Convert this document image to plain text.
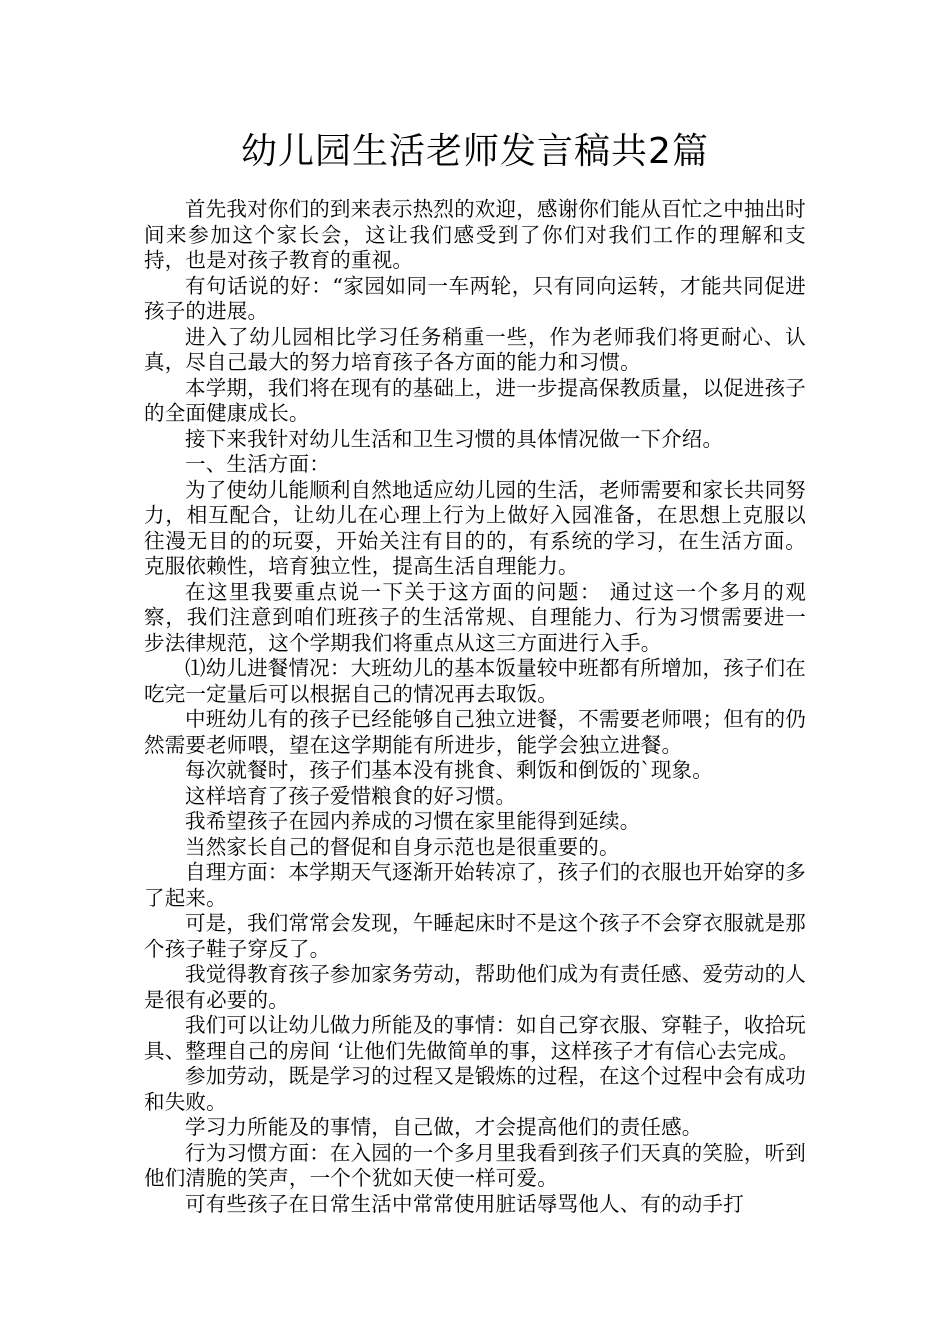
幼儿园生活老师发言稿共2篇

首先我对你们的到来表示热烈的欢迎，感谢你们能从百忙之中抽出时间来参加这个家长会，这让我们感受到了你们对我们工作的理解和支持，也是对孩子教育的重视。

有句话说的好：“家园如同一车两轮，只有同向运转，才能共同促进孩子的进展。

进入了幼儿园相比学习任务稍重一些，作为老师我们将更耐心、认真，尽自己最大的努力培育孩子各方面的能力和习惯。

本学期，我们将在现有的基础上，进一步提高保教质量，以促进孩子的全面健康成长。

接下来我针对幼儿生活和卫生习惯的具体情况做一下介绍。

一、生活方面：

为了使幼儿能顺利自然地适应幼儿园的生活，老师需要和家长共同努力，相互配合，让幼儿在心理上行为上做好入园准备，在思想上克服以往漫无目的的玩耍，开始关注有目的的，有系统的学习，在生活方面。克服依赖性，培育独立性，提高生活自理能力。

在这里我要重点说一下关于这方面的问题： 通过这一个多月的观察，我们注意到咱们班孩子的生活常规、自理能力、行为习惯需要进一步法律规范，这个学期我们将重点从这三方面进行入手。

⑴幼儿进餐情况：大班幼儿的基本饭量较中班都有所增加，孩子们在吃完一定量后可以根据自己的情况再去取饭。

中班幼儿有的孩子已经能够自己独立进餐，不需要老师喂；但有的仍然需要老师喂，望在这学期能有所进步，能学会独立进餐。

每次就餐时，孩子们基本没有挑食、剩饭和倒饭的`现象。

这样培育了孩子爱惜粮食的好习惯。

我希望孩子在园内养成的习惯在家里能得到延续。

当然家长自己的督促和自身示范也是很重要的。

自理方面：本学期天气逐渐开始转凉了，孩子们的衣服也开始穿的多了起来。

可是，我们常常会发现，午睡起床时不是这个孩子不会穿衣服就是那个孩子鞋子穿反了。

我觉得教育孩子参加家务劳动，帮助他们成为有责任感、爱劳动的人是很有必要的。

我们可以让幼儿做力所能及的事情：如自己穿衣服、穿鞋子，收拾玩具、整理自己的房间 ‘让他们先做简单的事，这样孩子才有信心去完成。

参加劳动，既是学习的过程又是锻炼的过程，在这个过程中会有成功和失败。

学习力所能及的事情，自己做，才会提高他们的责任感。

行为习惯方面：在入园的一个多月里我看到孩子们天真的笑脸，听到他们清脆的笑声，一个个犹如天使一样可爱。

可有些孩子在日常生活中常常使用脏话辱骂他人、有的动手打
